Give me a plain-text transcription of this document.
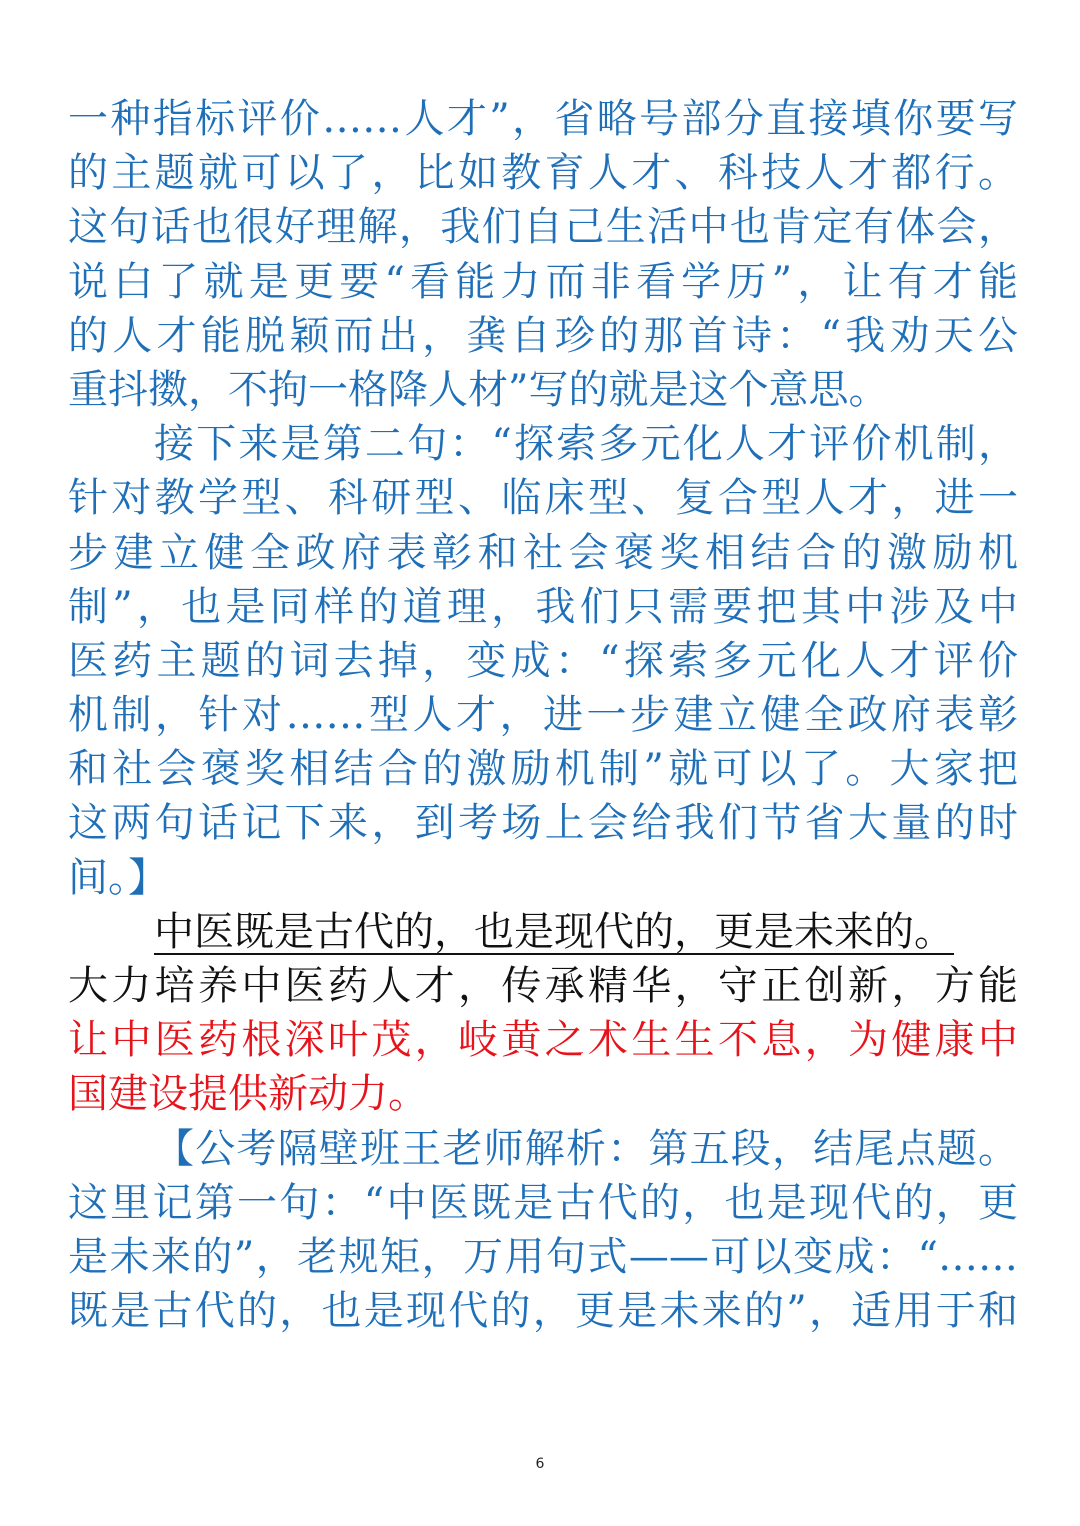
一种指标评价……人才”，省略号部分直接填你要写
的主题就可以了，比如教育人才、科技人才都行。
这句话也很好理解，我们自己生活中也肯定有体会，
说白了就是更要“看能力而非看学历”，让有才能
的人才能脱颖而出，龚自珍的那首诗：“我劝天公
重抖擞，不拘一格降人材”写的就是这个意思。
接下来是第二句：“探索多元化人才评价机制，
针对教学型、科研型、临床型、复合型人才，进一
步建立健全政府表彰和社会褒奖相结合的激励机
制”，也是同样的道理，我们只需要把其中涉及中
医药主题的词去掉，变成：“探索多元化人才评价
机制，针对……型人才，进一步建立健全政府表彰
和社会褒奖相结合的激励机制”就可以了。大家把
这两句话记下来，到考场上会给我们节省大量的时
间。】
中医既是古代的，也是现代的，更是未来的。
大力培养中医药人才，传承精华，守正创新，方能
让中医药根深叶茂，岐黄之术生生不息，为健康中
国建设提供新动力。
【公考隔壁班王老师解析：第五段，结尾点题。
这里记第一句：“中医既是古代的，也是现代的，更
是未来的”，老规矩，万用句式——可以变成：“……
既是古代的，也是现代的，更是未来的”，适用于和
6
